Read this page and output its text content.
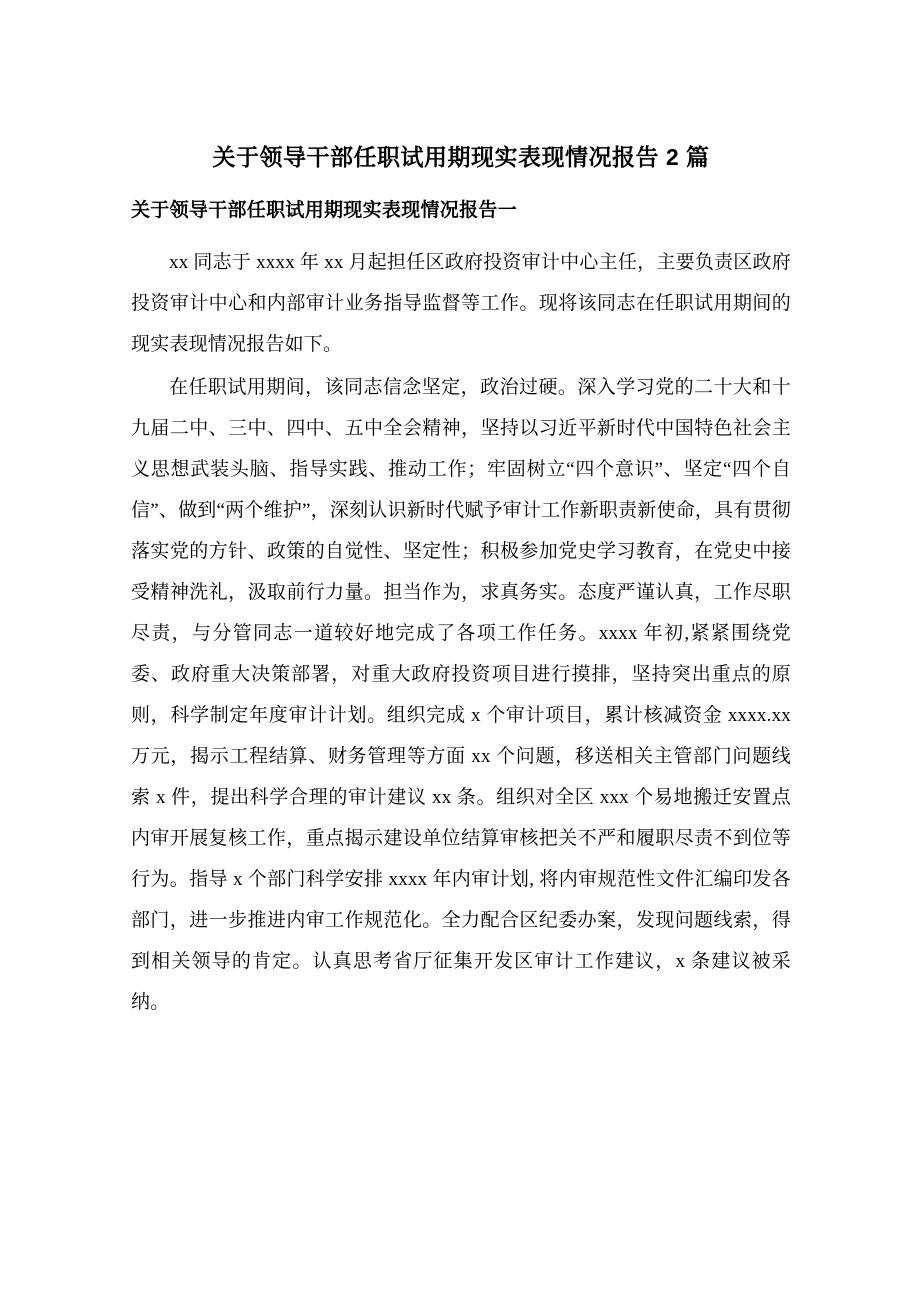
关于领导干部任职试用期现实表现情况报告 2 篇
关于领导干部任职试用期现实表现情况报告一

xx 同志于 xxxx 年 xx 月起担任区政府投资审计中心主任，主要负责区政府投资审计中心和内部审计业务指导监督等工作。现将该同志在任职试用期间的现实表现情况报告如下。

在任职试用期间，该同志信念坚定，政治过硬。深入学习党的二十大和十九届二中、三中、四中、五中全会精神，坚持以习近平新时代中国特色社会主义思想武装头脑、指导实践、推动工作；牢固树立“四个意识”、坚定“四个自信”、做到“两个维护”，深刻认识新时代赋予审计工作新职责新使命，具有贯彻落实党的方针、政策的自觉性、坚定性；积极参加党史学习教育，在党史中接受精神洗礼，汲取前行力量。担当作为，求真务实。态度严谨认真，工作尽职尽责，与分管同志一道较好地完成了各项工作任务。xxxx 年初,紧紧围绕党委、政府重大决策部署，对重大政府投资项目进行摸排，坚持突出重点的原则，科学制定年度审计计划。组织完成 x 个审计项目，累计核减资金 xxxx.xx 万元，揭示工程结算、财务管理等方面 xx 个问题，移送相关主管部门问题线索 x 件，提出科学合理的审计建议 xx 条。组织对全区 xxx 个易地搬迁安置点内审开展复核工作，重点揭示建设单位结算审核把关不严和履职尽责不到位等行为。指导 x 个部门科学安排 xxxx 年内审计划, 将内审规范性文件汇编印发各部门，进一步推进内审工作规范化。全力配合区纪委办案，发现问题线索，得到相关领导的肯定。认真思考省厅征集开发区审计工作建议，x 条建议被采纳。
